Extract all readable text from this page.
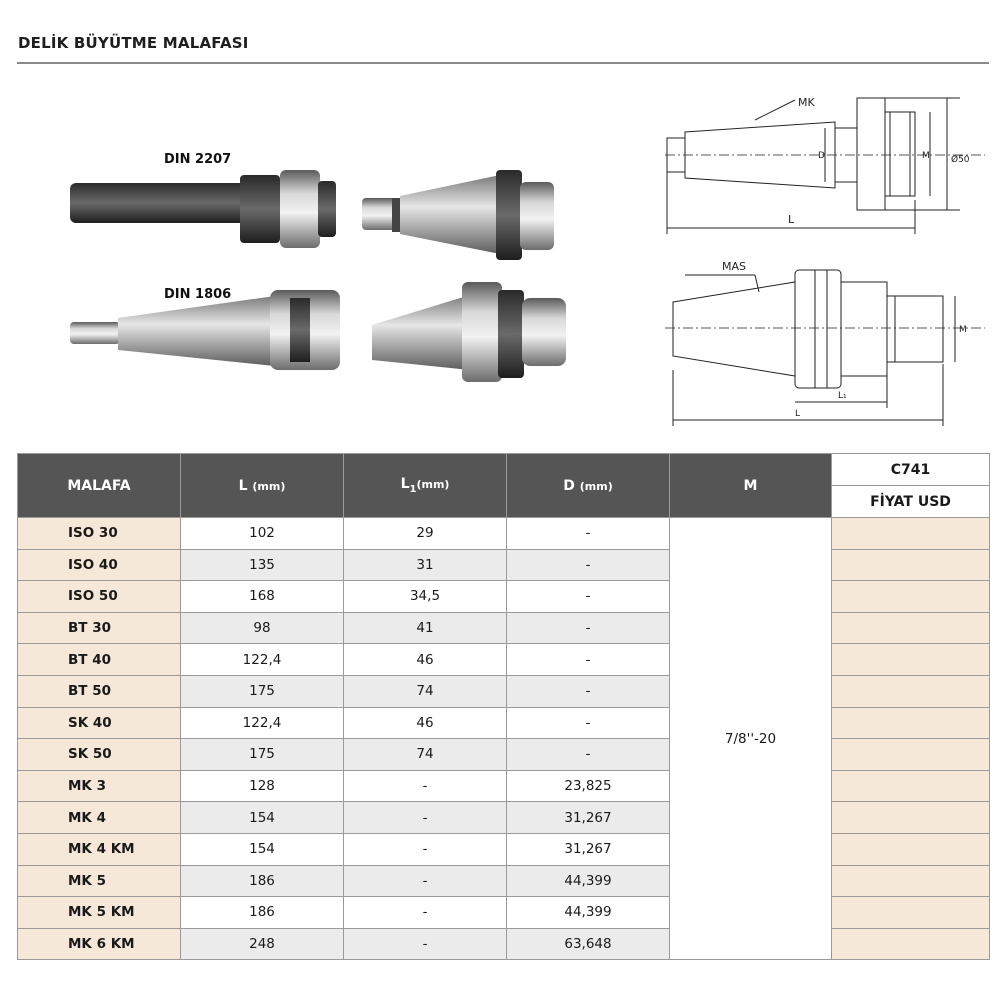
DELİK BÜYÜTME MALAFASI
DIN 2207
DIN 1806
MK
L
D	M Ø50
MAS
L
L₁
M
MALAFA	L (mm)	$L_1(mm)$	D (mm)	M	C741
					FİYAT USD
ISO 30	102	29	-	7/8''-20	
ISO 40	135	31	-		
ISO 50	168	34,5	-		
BT 30	98	41	-		
BT 40	122,4	46	-		
BT 50	175	74	-		
SK 40	122,4	46	-		
SK 50	175	74	-		
MK 3	128	-	23,825		
MK 4	154	-	31,267		
MK 4 KM	154	-	31,267		
MK 5	186	-	44,399		
MK 5 KM	186	-	44,399		
MK 6 KM	248	-	63,648		
